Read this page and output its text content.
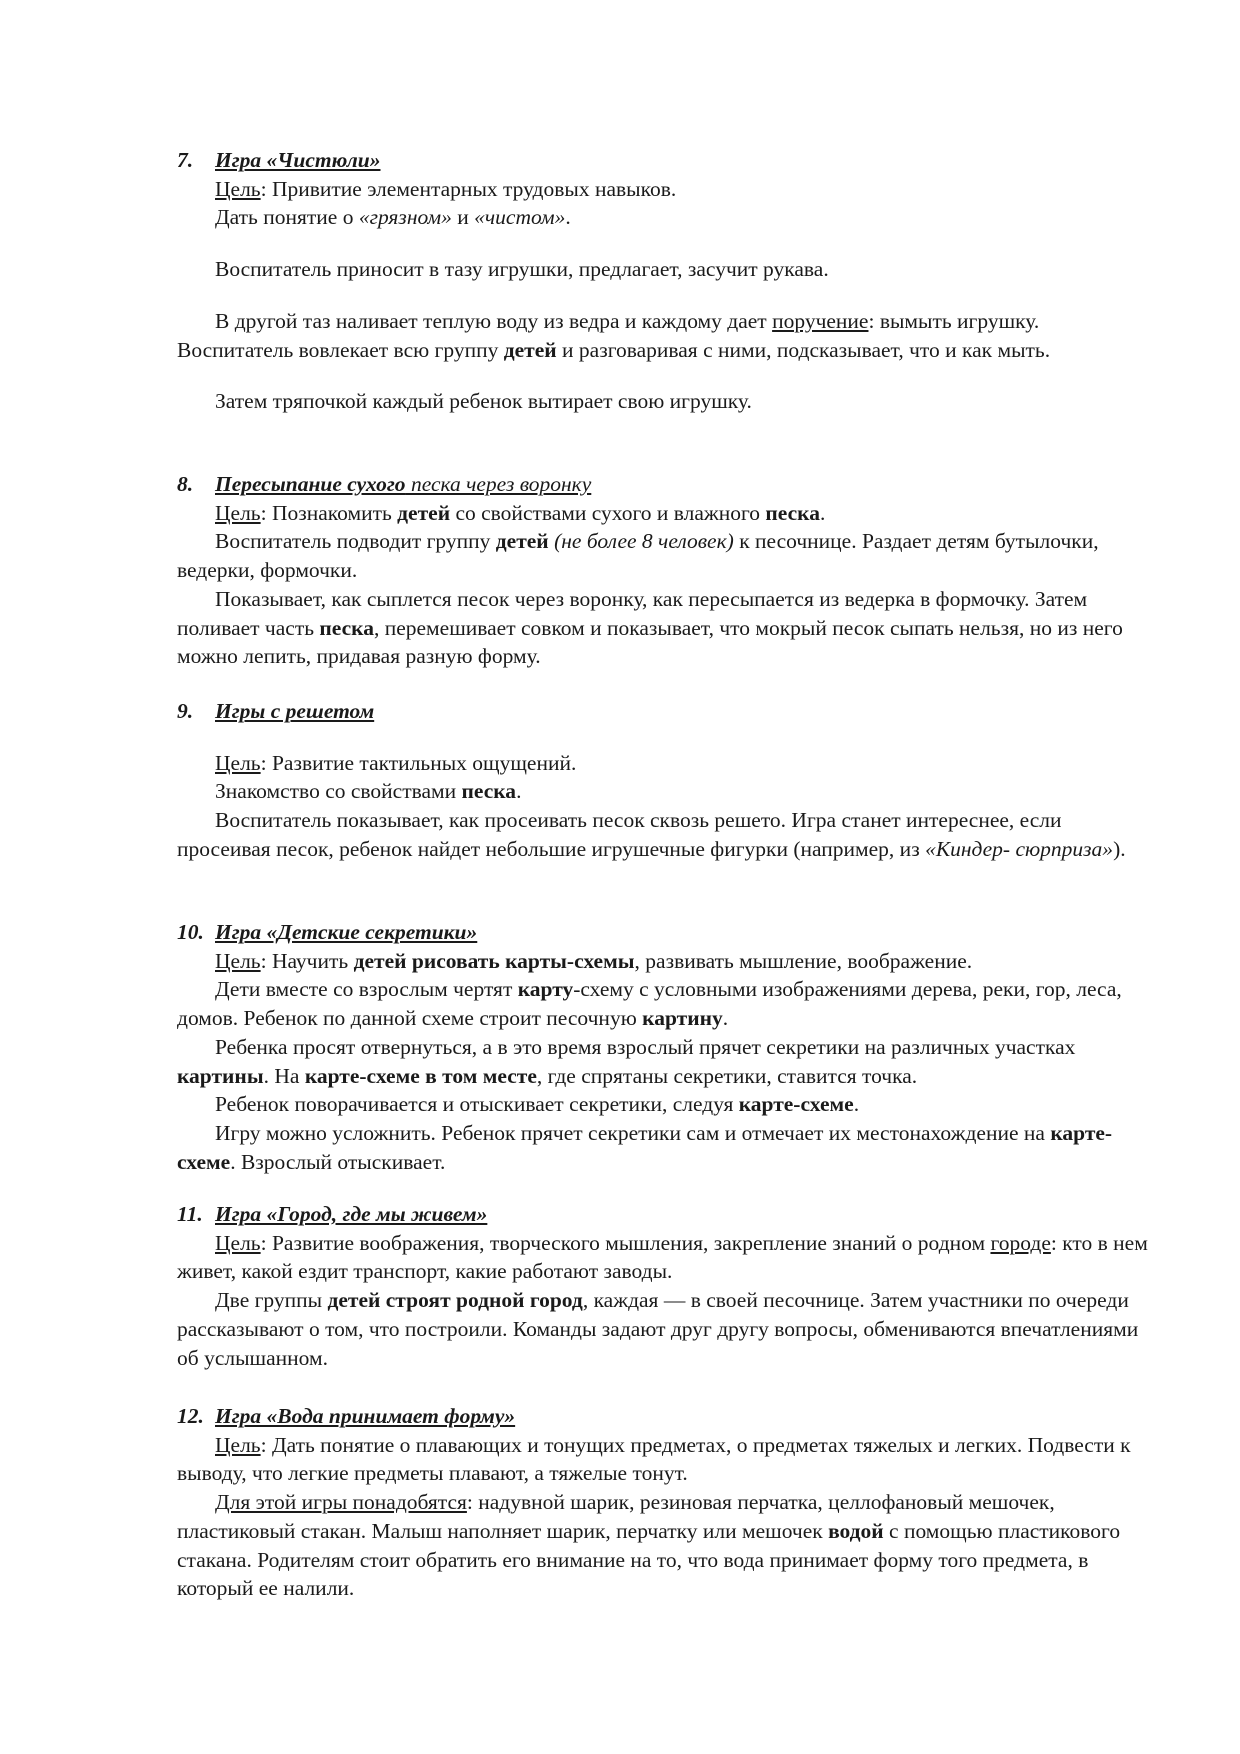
7. Игра «Чистюли»

Цель: Привитие элементарных трудовых навыков.

Дать понятие о «грязном» и «чистом».

Воспитатель приносит в тазу игрушки, предлагает, засучит рукава.

В другой таз наливает теплую воду из ведра и каждому дает поручение: вымыть игрушку. Воспитатель вовлекает всю группу детей и разговаривая с ними, подсказывает, что и как мыть.

Затем тряпочкой каждый ребенок вытирает свою игрушку.

8. Пересыпание сухого песка через воронку

Цель: Познакомить детей со свойствами сухого и влажного песка.

Воспитатель подводит группу детей (не более 8 человек) к песочнице. Раздает детям бутылочки, ведерки, формочки.

Показывает, как сыплется песок через воронку, как пересыпается из ведерка в формочку. Затем поливает часть песка, перемешивает совком и показывает, что мокрый песок сыпать нельзя, но из него можно лепить, придавая разную форму.

9. Игры с решетом

Цель: Развитие тактильных ощущений.

Знакомство со свойствами песка.

Воспитатель показывает, как просеивать песок сквозь решето. Игра станет интереснее, если просеивая песок, ребенок найдет небольшие игрушечные фигурки (например, из «Киндер- сюрприза»).

10. Игра «Детские секретики»

Цель: Научить детей рисовать карты-схемы, развивать мышление, воображение.

Дети вместе со взрослым чертят карту-схему с условными изображениями дерева, реки, гор, леса, домов. Ребенок по данной схеме строит песочную картину.

Ребенка просят отвернуться, а в это время взрослый прячет секретики на различных участках картины. На карте-схеме в том месте, где спрятаны секретики, ставится точка.

Ребенок поворачивается и отыскивает секретики, следуя карте-схеме.

Игру можно усложнить. Ребенок прячет секретики сам и отмечает их местонахождение на карте-схеме. Взрослый отыскивает.

11. Игра «Город, где мы живем»

Цель: Развитие воображения, творческого мышления, закрепление знаний о родном городе: кто в нем живет, какой ездит транспорт, какие работают заводы.

Две группы детей строят родной город, каждая — в своей песочнице. Затем участники по очереди рассказывают о том, что построили. Команды задают друг другу вопросы, обмениваются впечатлениями об услышанном.

12. Игра «Вода принимает форму»

Цель: Дать понятие о плавающих и тонущих предметах, о предметах тяжелых и легких. Подвести к выводу, что легкие предметы плавают, а тяжелые тонут.

Для этой игры понадобятся: надувной шарик, резиновая перчатка, целлофановый мешочек, пластиковый стакан. Малыш наполняет шарик, перчатку или мешочек водой с помощью пластикового стакана. Родителям стоит обратить его внимание на то, что вода принимает форму того предмета, в который ее налили.
